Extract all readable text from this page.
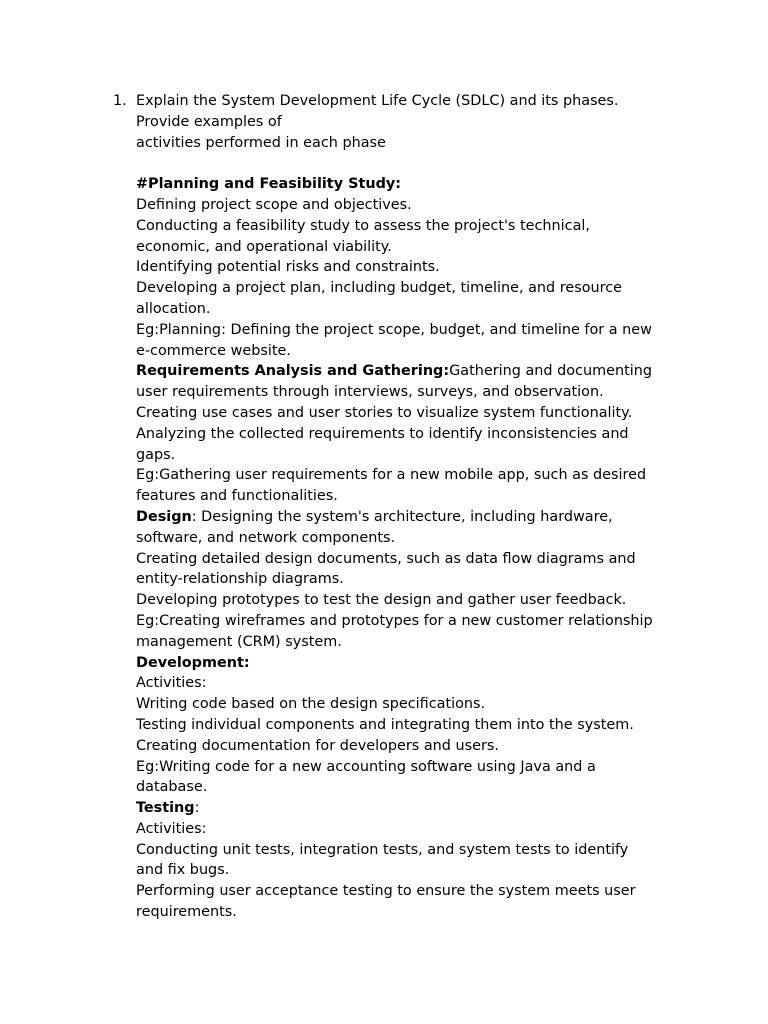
1. Explain the System Development Life Cycle (SDLC) and its phases.
Provide examples of
activities performed in each phase
#Planning and Feasibility Study:
Defining project scope and objectives.
Conducting a feasibility study to assess the project's technical,
economic, and operational viability.
Identifying potential risks and constraints.
Developing a project plan, including budget, timeline, and resource
allocation.
Eg:Planning: Defining the project scope, budget, and timeline for a new
e-commerce website.
Requirements Analysis and Gathering:Gathering and documenting
user requirements through interviews, surveys, and observation.
Creating use cases and user stories to visualize system functionality.
Analyzing the collected requirements to identify inconsistencies and
gaps.
Eg:Gathering user requirements for a new mobile app, such as desired
features and functionalities.
Design: Designing the system's architecture, including hardware,
software, and network components.
Creating detailed design documents, such as data flow diagrams and
entity-relationship diagrams.
Developing prototypes to test the design and gather user feedback.
Eg:Creating wireframes and prototypes for a new customer relationship
management (CRM) system.
Development:
Activities:
Writing code based on the design specifications.
Testing individual components and integrating them into the system.
Creating documentation for developers and users.
Eg:Writing code for a new accounting software using Java and a
database.
Testing:
Activities:
Conducting unit tests, integration tests, and system tests to identify
and fix bugs.
Performing user acceptance testing to ensure the system meets user
requirements.
